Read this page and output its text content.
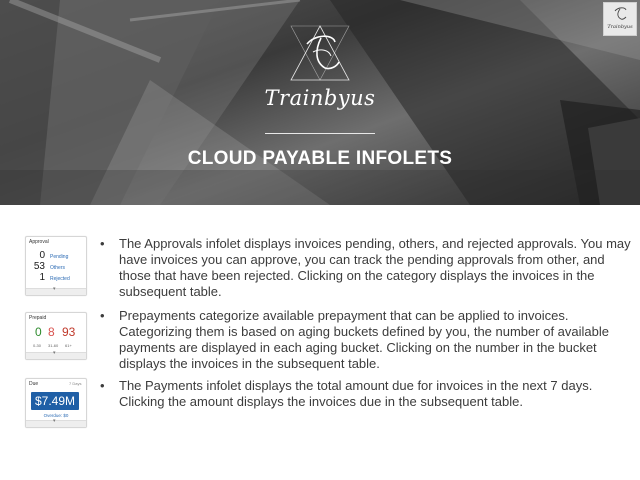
Trainbyus
CLOUD PAYABLE INFOLETS
Trainbyus
Approval
0 Pending
53 Others
1 Rejected
▾
Prepaid
0 8 93
0-30 31-60 61+
▾
Due	7 Days
$7.49M
Overdue: $0
▾
• The Approvals infolet displays invoices pending, others, and rejected approvals. You may have invoices you can approve, you can track the pending approvals from other, and those that have been rejected. Clicking on the category displays the invoices in the subsequent table.
• Prepayments categorize available prepayment that can be applied to invoices. Categorizing them is based on aging buckets defined by you, the number of available payments are displayed in each aging bucket. Clicking on the number in the bucket displays the invoices in the subsequent table.
• The Payments infolet displays the total amount due for invoices in the next 7 days. Clicking the amount displays the invoices due in the subsequent table.
